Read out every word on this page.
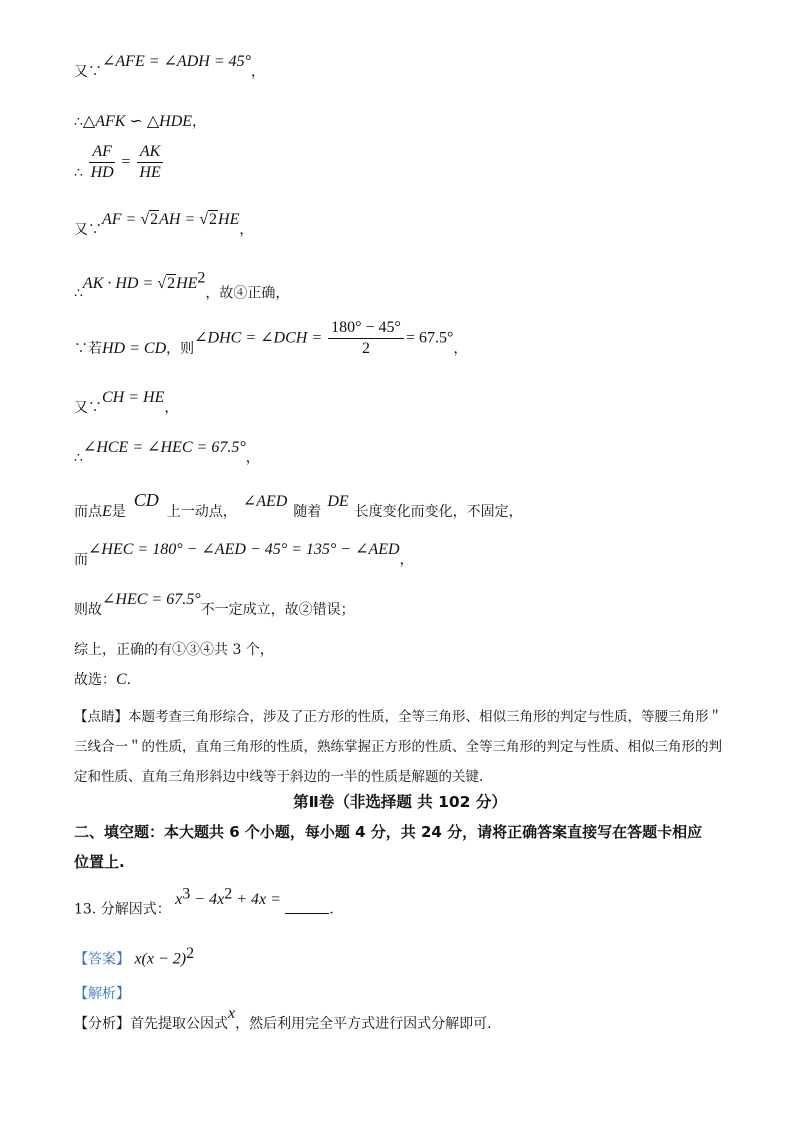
又∵∠AFE = ∠ADH = 45°，
∴△AFK ∽ △HDE，
∴ $\frac{AF}{HD} = \frac{AK}{HE}$
又∵AF = √2AH = √2HE，
∴AK · HD = $√2HE^2$，故④正确，
∵若HD = CD，则∠DHC = ∠DCH = $\frac{180^\circ - 45^\circ}{2} = 67.5^\circ$，
又∵CH = HE，
∴∠HCE = ∠HEC = 67.5°，
而点E是CD上一动点，∠AED随着DE长度变化而变化，不固定，
而∠HEC = 180° − ∠AED − 45° = 135° − ∠AED，
则故∠HEC = 67.5°不一定成立，故②错误；
综上，正确的有①③④共 3 个，
故选：C.
【点睛】本题考查三角形综合，涉及了正方形的性质，全等三角形、相似三角形的判定与性质，等腰三角形＂三线合一＂的性质，直角三角形的性质，熟练掌握正方形的性质、全等三角形的判定与性质、相似三角形的判定和性质、直角三角形斜边中线等于斜边的一半的性质是解题的关键.
第Ⅱ卷（非选择题 共 102 分）
二、填空题：本大题共 6 个小题，每小题 4 分，共 24 分，请将正确答案直接写在答题卡相应
位置上.
13. 分解因式： $x^3 - 4x^2 + 4x$ = .
【答案】 $x(x - 2)^2$
【解析】
【分析】首先提取公因式x，然后利用完全平方式进行因式分解即可.
